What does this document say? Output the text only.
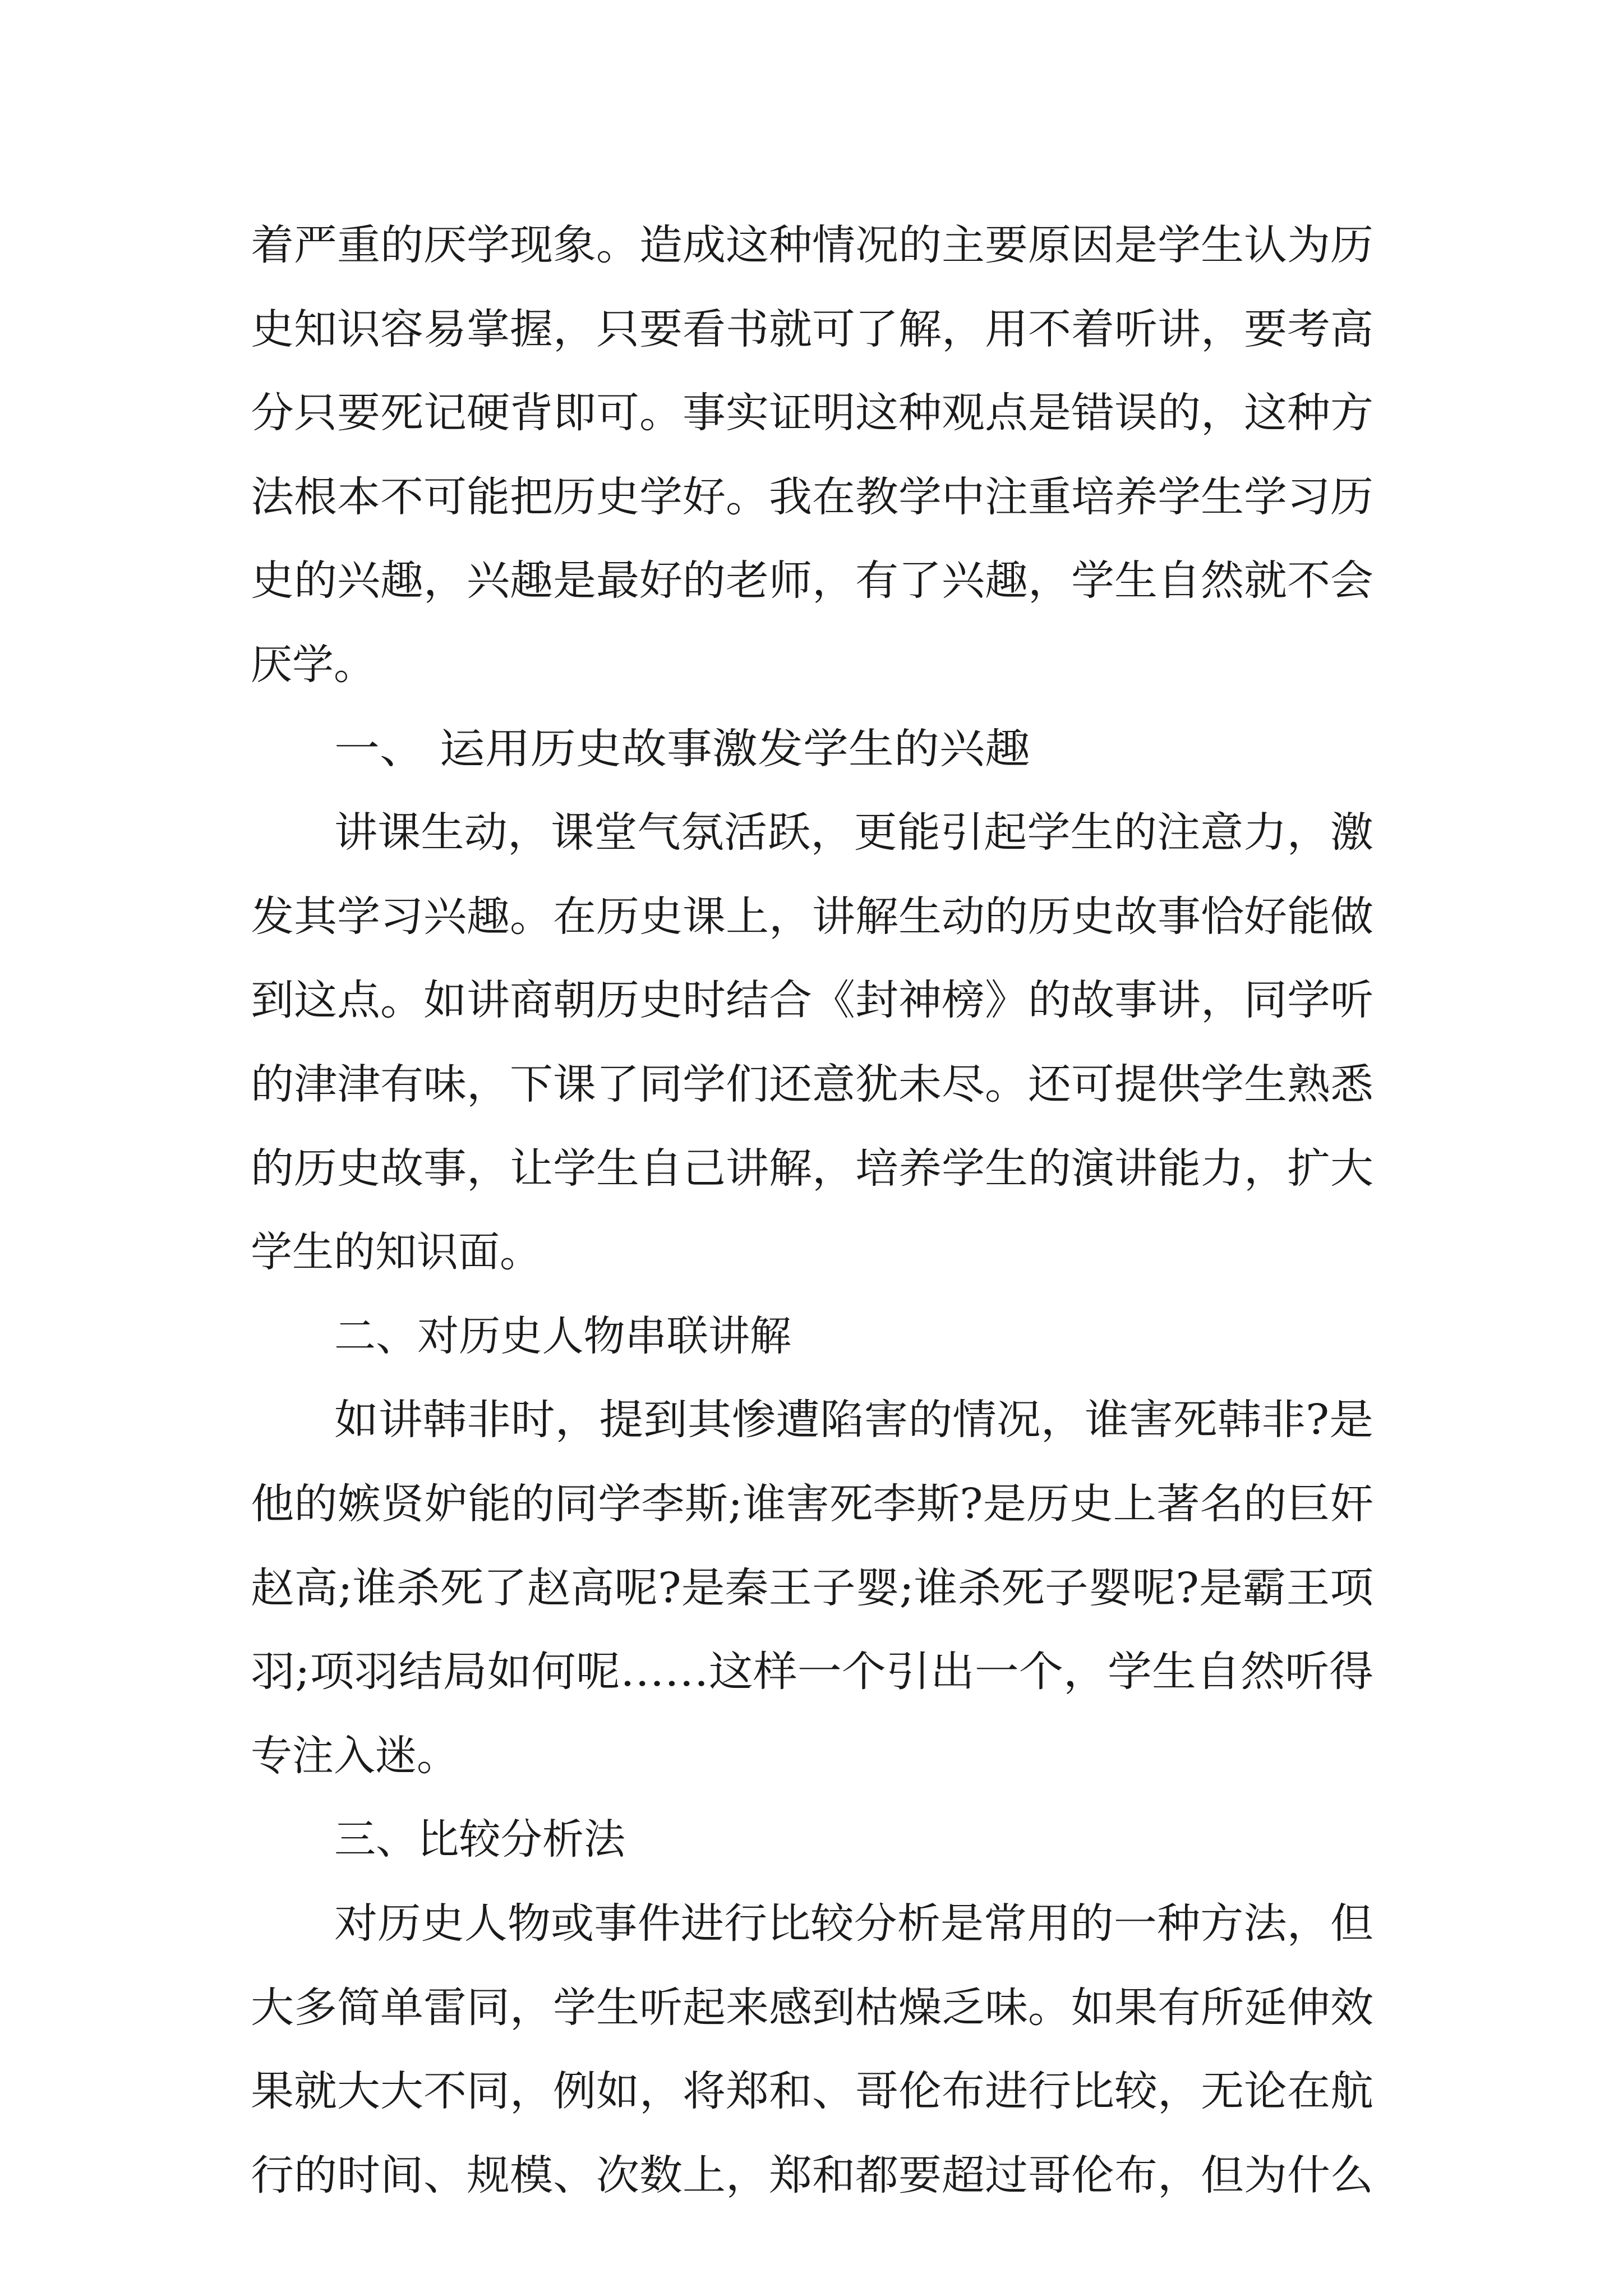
着严重的厌学现象。造成这种情况的主要原因是学生认为历
史知识容易掌握，只要看书就可了解，用不着听讲，要考高
分只要死记硬背即可。事实证明这种观点是错误的，这种方
法根本不可能把历史学好。我在教学中注重培养学生学习历
史的兴趣，兴趣是最好的老师，有了兴趣，学生自然就不会
厌学。
一、 运用历史故事激发学生的兴趣
讲课生动，课堂气氛活跃，更能引起学生的注意力，激
发其学习兴趣。在历史课上，讲解生动的历史故事恰好能做
到这点。如讲商朝历史时结合《封神榜》的故事讲，同学听
的津津有味，下课了同学们还意犹未尽。还可提供学生熟悉
的历史故事，让学生自己讲解，培养学生的演讲能力，扩大
学生的知识面。
二、对历史人物串联讲解
如讲韩非时，提到其惨遭陷害的情况，谁害死韩非?是
他的嫉贤妒能的同学李斯;谁害死李斯?是历史上著名的巨奸
赵高;谁杀死了赵高呢?是秦王子婴;谁杀死子婴呢?是霸王项
羽;项羽结局如何呢……这样一个引出一个，学生自然听得
专注入迷。
三、比较分析法
对历史人物或事件进行比较分析是常用的一种方法，但
大多简单雷同，学生听起来感到枯燥乏味。如果有所延伸效
果就大大不同，例如，将郑和、哥伦布进行比较，无论在航
行的时间、规模、次数上，郑和都要超过哥伦布，但为什么
